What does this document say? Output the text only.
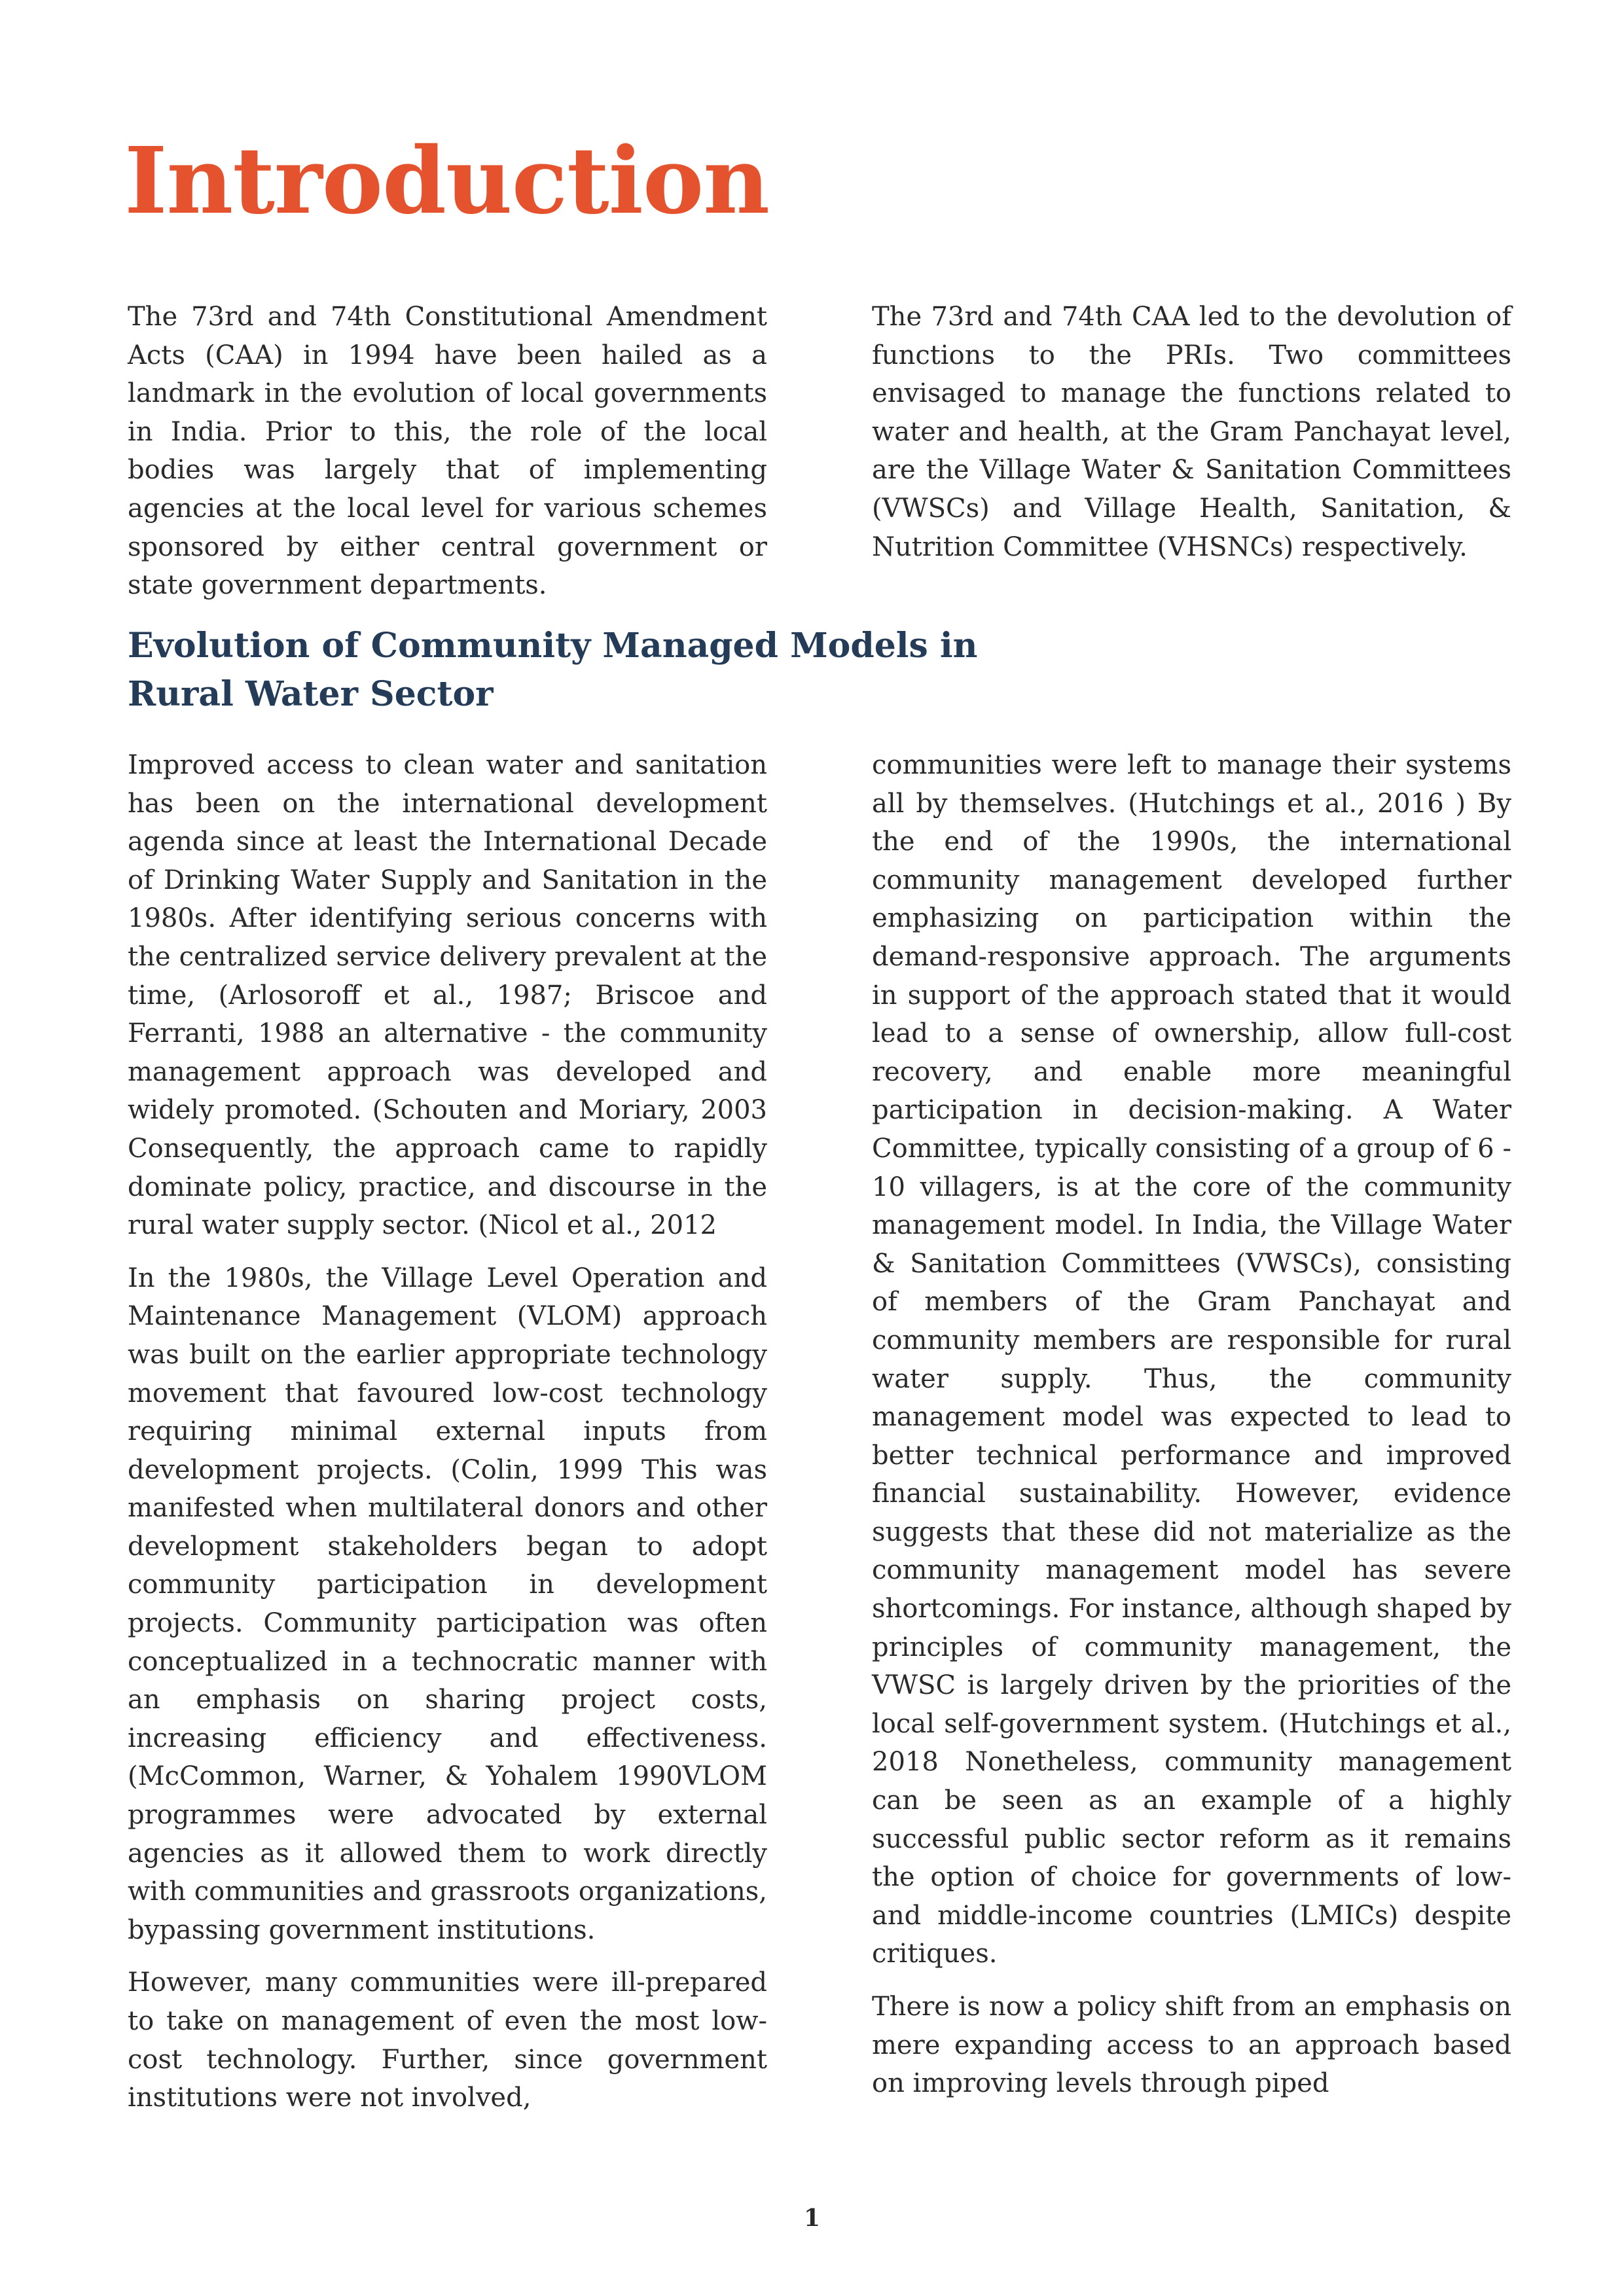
Introduction

The 73rd and 74th Constitutional Amendment Acts (CAA) in 1994 have been hailed as a landmark in the evolution of local governments in India. Prior to this, the role of the local bodies was largely that of implementing agencies at the local level for various schemes sponsored by either central government or state government departments.

The 73rd and 74th CAA led to the devolution of functions to the PRIs. Two committees envisaged to manage the functions related to water and health, at the Gram Panchayat level, are the Village Water & Sanitation Committees (VWSCs) and Village Health, Sanitation, & Nutrition Committee (VHSNCs) respectively.

Evolution of Community Managed Models in
Rural Water Sector

Improved access to clean water and sanitation has been on the international development agenda since at least the International Decade of Drinking Water Supply and Sanitation in the 1980s. After identifying serious concerns with the centralized service delivery prevalent at the time, (Arlosoroff et al., 1987; Briscoe and Ferranti, 1988 an alternative - the community management approach was developed and widely promoted. (Schouten and Moriary, 2003 Consequently, the approach came to rapidly dominate policy, practice, and discourse in the rural water supply sector. (Nicol et al., 2012

In the 1980s, the Village Level Operation and Maintenance Management (VLOM) approach was built on the earlier appropriate technology movement that favoured low-cost technology requiring minimal external inputs from development projects. (Colin, 1999 This was manifested when multilateral donors and other development stakeholders began to adopt community participation in development projects. Community participation was often conceptualized in a technocratic manner with an emphasis on sharing project costs, increasing efficiency and effectiveness. (McCommon, Warner, & Yohalem 1990VLOM programmes were advocated by external agencies as it allowed them to work directly with communities and grassroots organizations, bypassing government institutions.

However, many communities were ill-prepared to take on management of even the most low-cost technology. Further, since government institutions were not involved,

communities were left to manage their systems all by themselves. (Hutchings et al., 2016 ) By the end of the 1990s, the international community management developed further emphasizing on participation within the demand-responsive approach. The arguments in support of the approach stated that it would lead to a sense of ownership, allow full-cost recovery, and enable more meaningful participation in decision-making. A Water Committee, typically consisting of a group of 6 - 10 villagers, is at the core of the community management model. In India, the Village Water & Sanitation Committees (VWSCs), consisting of members of the Gram Panchayat and community members are responsible for rural water supply. Thus, the community management model was expected to lead to better technical performance and improved financial sustainability. However, evidence suggests that these did not materialize as the community management model has severe shortcomings. For instance, although shaped by principles of community management, the VWSC is largely driven by the priorities of the local self-government system. (Hutchings et al., 2018 Nonetheless, community management can be seen as an example of a highly successful public sector reform as it remains the option of choice for governments of low- and middle-income countries (LMICs) despite critiques.

There is now a policy shift from an emphasis on mere expanding access to an approach based on improving levels through piped

1
